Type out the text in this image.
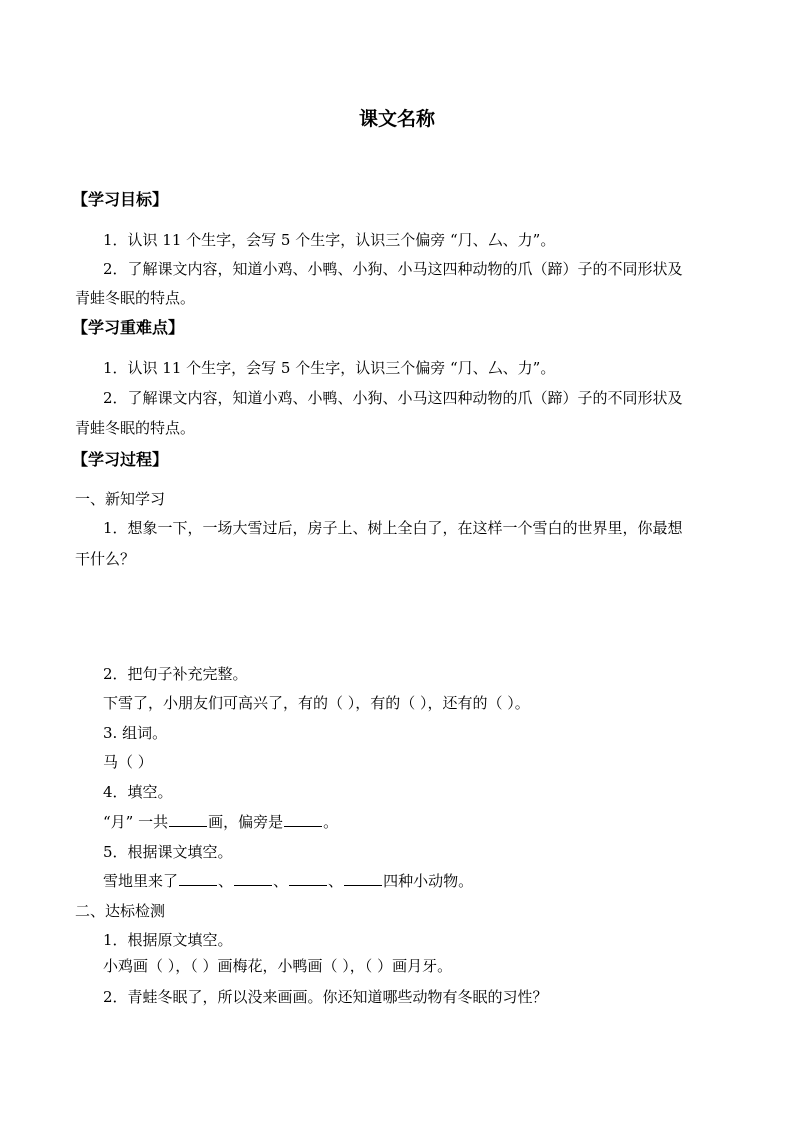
课文名称
【学习目标】
1．认识 11 个生字，会写 5 个生字，认识三个偏旁 “⺆、厶、力”。
2．了解课文内容，知道小鸡、小鸭、小狗、小马这四种动物的爪（蹄）子的不同形状及
青蛙冬眠的特点。
【学习重难点】
1．认识 11 个生字，会写 5 个生字，认识三个偏旁 “⺆、厶、力”。
2．了解课文内容，知道小鸡、小鸭、小狗、小马这四种动物的爪（蹄）子的不同形状及
青蛙冬眠的特点。
【学习过程】
一、新知学习
1．想象一下，一场大雪过后，房子上、树上全白了，在这样一个雪白的世界里，你最想
干什么？
2．把句子补充完整。
下雪了，小朋友们可高兴了，有的（ ），有的（ ），还有的（ ）。
3. 组词。
马（ ）
4．填空。
“月” 一共	画，偏旁是	。
5．根据课文填空。
雪地里来了	、	、	、	四种小动物。
二、达标检测
1．根据原文填空。
小鸡画（ ），（ ）画梅花，小鸭画（ ），（ ）画月牙。
2．青蛙冬眠了，所以没来画画。你还知道哪些动物有冬眠的习性？
